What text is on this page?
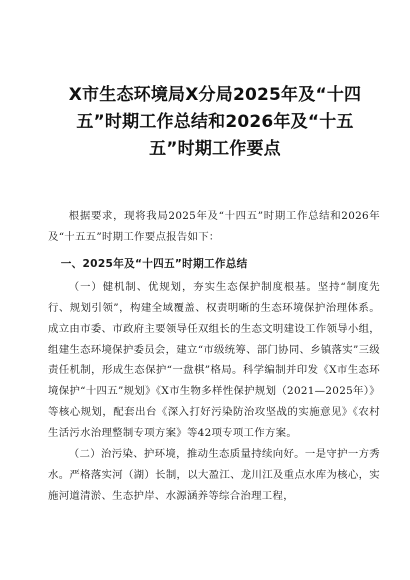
X市生态环境局X分局2025年及“十四五”时期工作总结和2026年及“十五五”时期工作要点

根据要求，现将我局2025年及“十四五”时期工作总结和2026年及“十五五”时期工作要点报告如下：

一、2025年及“十四五”时期工作总结

（一）健机制、优规划，夯实生态保护制度根基。坚持“制度先行、规划引领”，构建全域覆盖、权责明晰的生态环境保护治理体系。成立由市委、市政府主要领导任双组长的生态文明建设工作领导小组，组建生态环境保护委员会，建立“市级统筹、部门协同、乡镇落实”三级责任机制，形成生态保护“一盘棋”格局。科学编制并印发《X市生态环境保护“十四五”规划》《X市生物多样性保护规划（2021—2025年）》等核心规划，配套出台《深入打好污染防治攻坚战的实施意见》《农村生活污水治理整制专项方案》等42项专项工作方案。

（二）治污染、护环境，推动生态质量持续向好。一是守护一方秀水。严格落实河（湖）长制，以大盈江、龙川江及重点水库为核心，实施河道清淤、生态护岸、水源涵养等综合治理工程，
